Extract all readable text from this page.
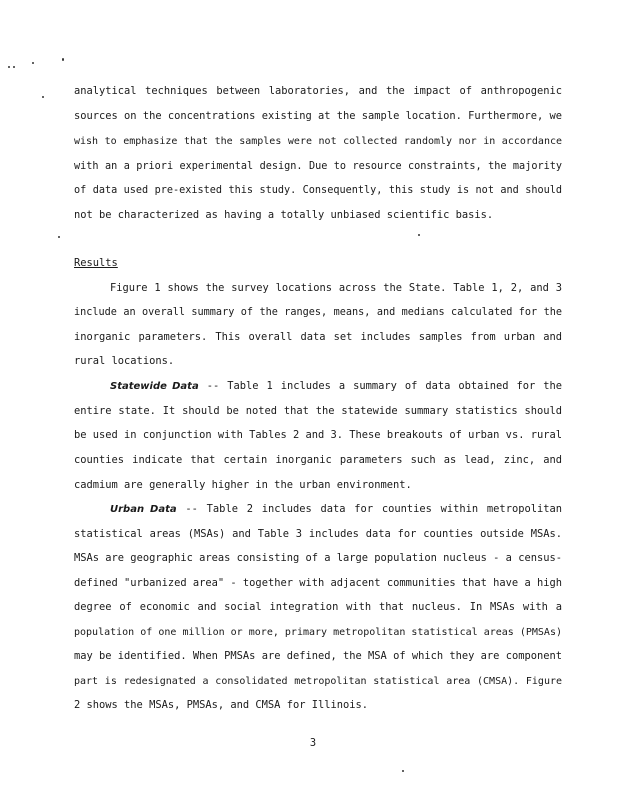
analytical techniques between laboratories, and the impact of anthropogenic
sources on the concentrations existing at the sample location. Furthermore, we
wish to emphasize that the samples were not collected randomly nor in accordance
with an a priori experimental design. Due to resource constraints, the majority
of data used pre-existed this study. Consequently, this study is not and should
not be characterized as having a totally unbiased scientific basis.
Results
Figure 1 shows the survey locations across the State. Table 1, 2, and 3
include an overall summary of the ranges, means, and medians calculated for the
inorganic parameters. This overall data set includes samples from urban and
rural locations.
Statewide Data -- Table 1 includes a summary of data obtained for the
entire state. It should be noted that the statewide summary statistics should
be used in conjunction with Tables 2 and 3. These breakouts of urban vs. rural
counties indicate that certain inorganic parameters such as lead, zinc, and
cadmium are generally higher in the urban environment.
Urban Data -- Table 2 includes data for counties within metropolitan
statistical areas (MSAs) and Table 3 includes data for counties outside MSAs.
MSAs are geographic areas consisting of a large population nucleus - a census-
defined "urbanized area" - together with adjacent communities that have a high
degree of economic and social integration with that nucleus. In MSAs with a
population of one million or more, primary metropolitan statistical areas (PMSAs)
may be identified. When PMSAs are defined, the MSA of which they are component
part is redesignated a consolidated metropolitan statistical area (CMSA). Figure
2 shows the MSAs, PMSAs, and CMSA for Illinois.
3
